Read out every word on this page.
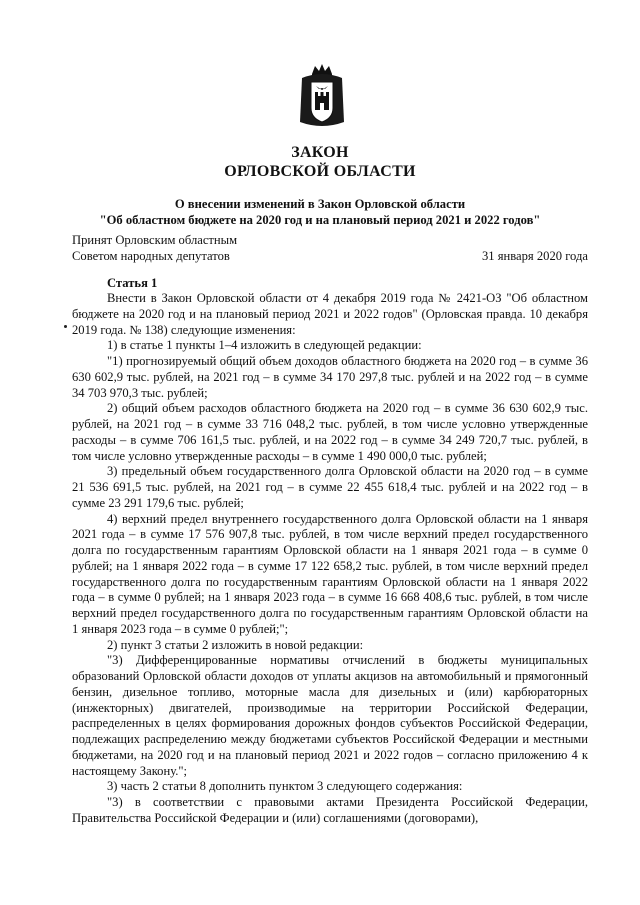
ЗАКОН
ОРЛОВСКОЙ ОБЛАСТИ
О внесении изменений в Закон Орловской области
"Об областном бюджете на 2020 год и на плановый период 2021 и 2022 годов"
Принят Орловским областным
Советом народных депутатов	31 января 2020 года
Статья 1

Внести в Закон Орловской области от 4 декабря 2019 года № 2421-ОЗ "Об областном бюджете на 2020 год и на плановый период 2021 и 2022 годов" (Орловская правда. 10 декабря 2019 года. № 138) следующие изменения:

1) в статье 1 пункты 1–4 изложить в следующей редакции:

"1) прогнозируемый общий объем доходов областного бюджета на 2020 год – в сумме 36 630 602,9 тыс. рублей, на 2021 год – в сумме 34 170 297,8 тыс. рублей и на 2022 год – в сумме 34 703 970,3 тыс. рублей;

2) общий объем расходов областного бюджета на 2020 год – в сумме 36 630 602,9 тыс. рублей, на 2021 год – в сумме 33 716 048,2 тыс. рублей, в том числе условно утвержденные расходы – в сумме 706 161,5 тыс. рублей, и на 2022 год – в сумме 34 249 720,7 тыс. рублей, в том числе условно утвержденные расходы – в сумме 1 490 000,0 тыс. рублей;

3) предельный объем государственного долга Орловской области на 2020 год – в сумме 21 536 691,5 тыс. рублей, на 2021 год – в сумме 22 455 618,4 тыс. рублей и на 2022 год – в сумме 23 291 179,6 тыс. рублей;

4) верхний предел внутреннего государственного долга Орловской области на 1 января 2021 года – в сумме 17 576 907,8 тыс. рублей, в том числе верхний предел государственного долга по государственным гарантиям Орловской области на 1 января 2021 года – в сумме 0 рублей; на 1 января 2022 года – в сумме 17 122 658,2 тыс. рублей, в том числе верхний предел государственного долга по государственным гарантиям Орловской области на 1 января 2022 года – в сумме 0 рублей; на 1 января 2023 года – в сумме 16 668 408,6 тыс. рублей, в том числе верхний предел государственного долга по государственным гарантиям Орловской области на 1 января 2023 года – в сумме 0 рублей;";

2) пункт 3 статьи 2 изложить в новой редакции:

"3) Дифференцированные нормативы отчислений в бюджеты муниципальных образований Орловской области доходов от уплаты акцизов на автомобильный и прямогонный бензин, дизельное топливо, моторные масла для дизельных и (или) карбюраторных (инжекторных) двигателей, производимые на территории Российской Федерации, распределенных в целях формирования дорожных фондов субъектов Российской Федерации, подлежащих распределению между бюджетами субъектов Российской Федерации и местными бюджетами, на 2020 год и на плановый период 2021 и 2022 годов – согласно приложению 4 к настоящему Закону.";

3) часть 2 статьи 8 дополнить пунктом 3 следующего содержания:

"3) в соответствии с правовыми актами Президента Российской Федерации, Правительства Российской Федерации и (или) соглашениями (договорами),
